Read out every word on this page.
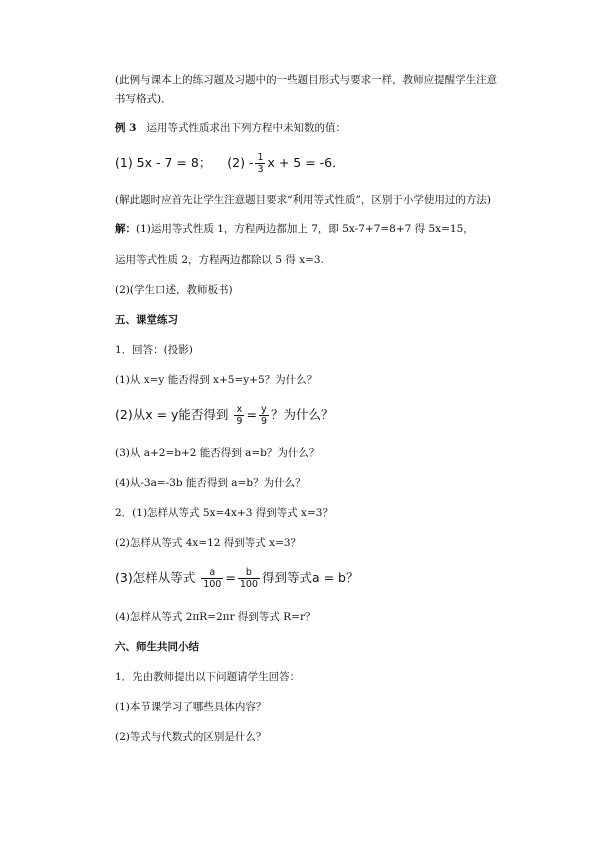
(此例与课本上的练习题及习题中的一些题目形式与要求一样，教师应提醒学生注意
书写格式)．
例 3 运用等式性质求出下列方程中未知数的值：
(1) 5x - 7 = 8； $(2) - \frac{1}{3}$ x + 5 = -6．
(解此题时应首先让学生注意题目要求“利用等式性质”，区别于小学使用过的方法)
解：(1)运用等式性质 1，方程两边都加上 7，即 5x-7+7=8+7 得 5x=15，
运用等式性质 2，方程两边都除以 5 得 x=3.
(2)(学生口述，教师板书)
五、课堂练习
1．回答：(投影)
(1)从 x=y 能否得到 x+5=y+5？为什么？
(2)从x = y能否得到 $\frac{x}{9} = \frac{y}{9}$ ？为什么？
(3)从 a+2=b+2 能否得到 a=b？为什么？
(4)从-3a=-3b 能否得到 a=b？为什么？
2．(1)怎样从等式 5x=4x+3 得到等式 x=3？
(2)怎样从等式 4x=12 得到等式 x=3？
(3)怎样从等式 $\frac{a}{100} = \frac{b}{100}$ 得到等式a = b？
(4)怎样从等式 2πR=2πr 得到等式 R=r？
六、师生共同小结
1．先由教师提出以下问题请学生回答：
(1)本节课学习了哪些具体内容？
(2)等式与代数式的区别是什么？
